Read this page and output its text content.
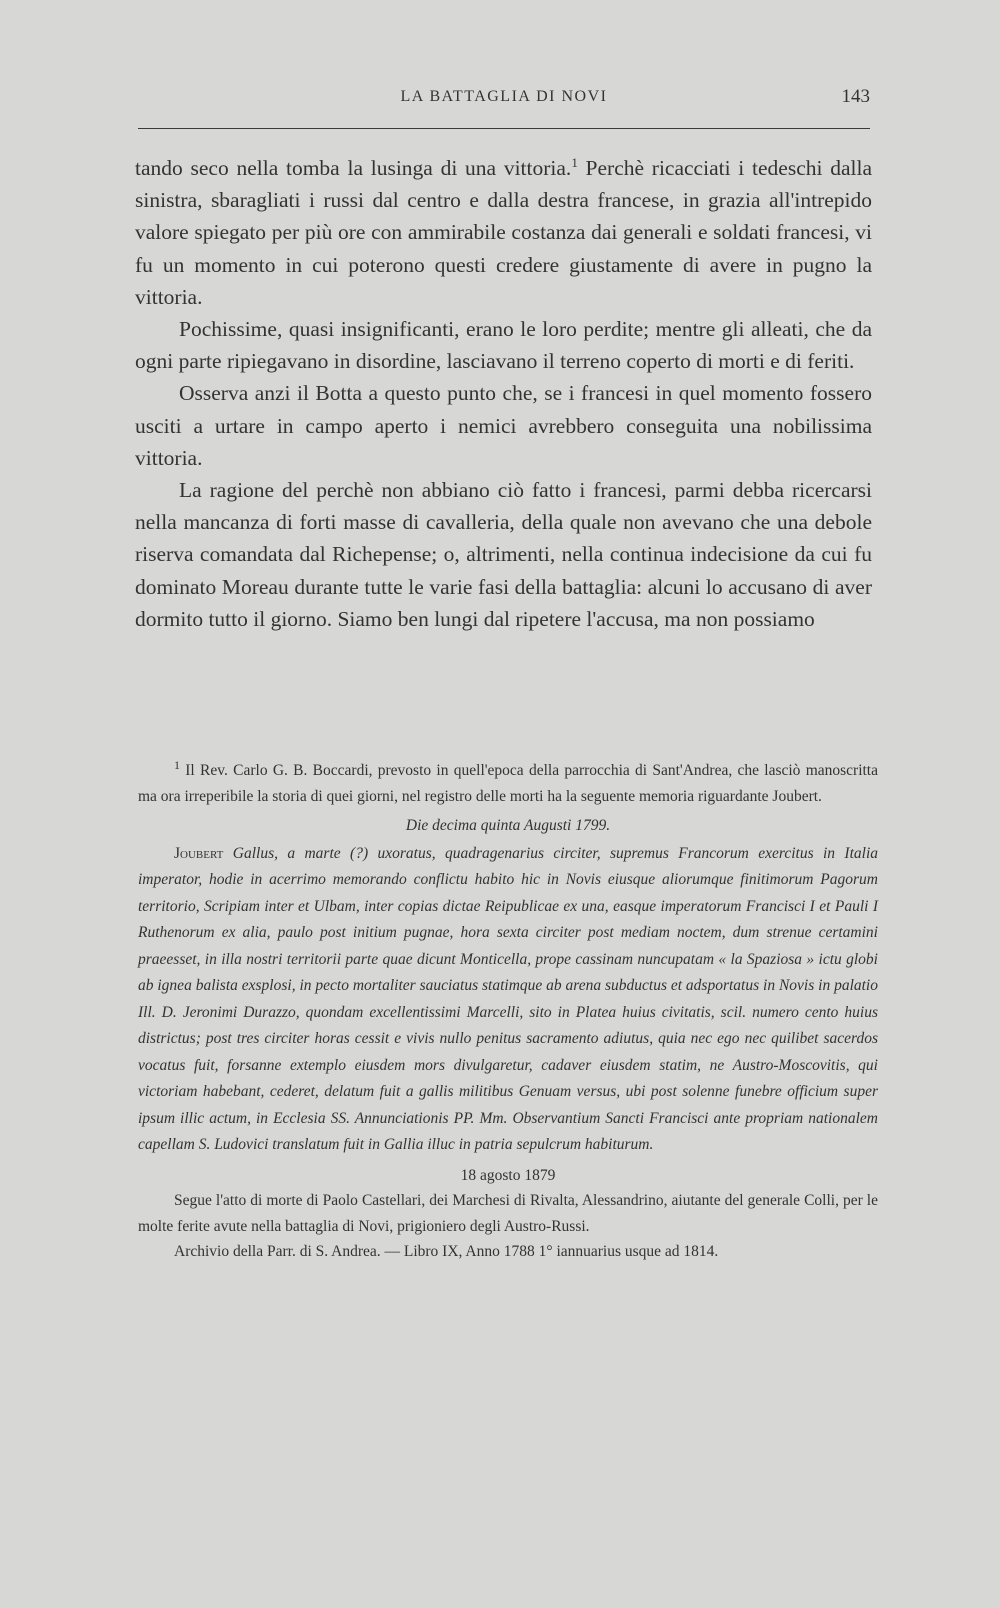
LA BATTAGLIA DI NOVI	143

tando seco nella tomba la lusinga di una vittoria.$^1$ Perchè ricacciati i tedeschi dalla sinistra, sbaragliati i russi dal centro e dalla destra francese, in grazia all'intrepido valore spiegato per più ore con ammirabile costanza dai generali e soldati francesi, vi fu un momento in cui poterono questi credere giustamente di avere in pugno la vittoria.

Pochissime, quasi insignificanti, erano le loro perdite; mentre gli alleati, che da ogni parte ripiegavano in disordine, lasciavano il terreno coperto di morti e di feriti.

Osserva anzi il Botta a questo punto che, se i francesi in quel momento fossero usciti a urtare in campo aperto i nemici avrebbero conseguita una nobilissima vittoria.

La ragione del perchè non abbiano ciò fatto i francesi, parmi debba ricercarsi nella mancanza di forti masse di cavalleria, della quale non avevano che una debole riserva comandata dal Richepense; o, altrimenti, nella continua indecisione da cui fu dominato Moreau durante tutte le varie fasi della battaglia: alcuni lo accusano di aver dormito tutto il giorno. Siamo ben lungi dal ripetere l'accusa, ma non possiamo

$^1$ Il Rev. Carlo G. B. Boccardi, prevosto in quell'epoca della parrocchia di Sant'Andrea, che lasciò manoscritta ma ora irreperibile la storia di quei giorni, nel registro delle morti ha la seguente memoria riguardante Joubert.

Die decima quinta Augusti 1799.

Joubert Gallus, a marte (?) uxoratus, quadragenarius circiter, supremus Francorum exercitus in Italia imperator, hodie in acerrimo memorando conflictu habito hic in Novis eiusque aliorumque finitimorum Pagorum territorio, Scripiam inter et Ulbam, inter copias dictae Reipublicae ex una, easque imperatorum Francisci I et Pauli I Ruthenorum ex alia, paulo post initium pugnae, hora sexta circiter post mediam noctem, dum strenue certamini praeesset, in illa nostri territorii parte quae dicunt Monticella, prope cassinam nuncupatam « la Spaziosa » ictu globi ab ignea balista exsplosi, in pecto mortaliter sauciatus statimque ab arena subductus et adsportatus in Novis in palatio Ill. D. Jeronimi Durazzo, quondam excellentissimi Marcelli, sito in Platea huius civitatis, scil. numero cento huius districtus; post tres circiter horas cessit e vivis nullo penitus sacramento adiutus, quia nec ego nec quilibet sacerdos vocatus fuit, forsanne extemplo eiusdem mors divulgaretur, cadaver eiusdem statim, ne Austro-Moscovitis, qui victoriam habebant, cederet, delatum fuit a gallis militibus Genuam versus, ubi post solenne funebre officium super ipsum illic actum, in Ecclesia SS. Annunciationis PP. Mm. Observantium Sancti Francisci ante propriam nationalem capellam S. Ludovici translatum fuit in Gallia illuc in patria sepulcrum habiturum.

18 agosto 1879

Segue l'atto di morte di Paolo Castellari, dei Marchesi di Rivalta, Alessandrino, aiutante del generale Colli, per le molte ferite avute nella battaglia di Novi, prigioniero degli Austro-Russi.

Archivio della Parr. di S. Andrea. — Libro IX, Anno 1788 1° iannuarius usque ad 1814.
